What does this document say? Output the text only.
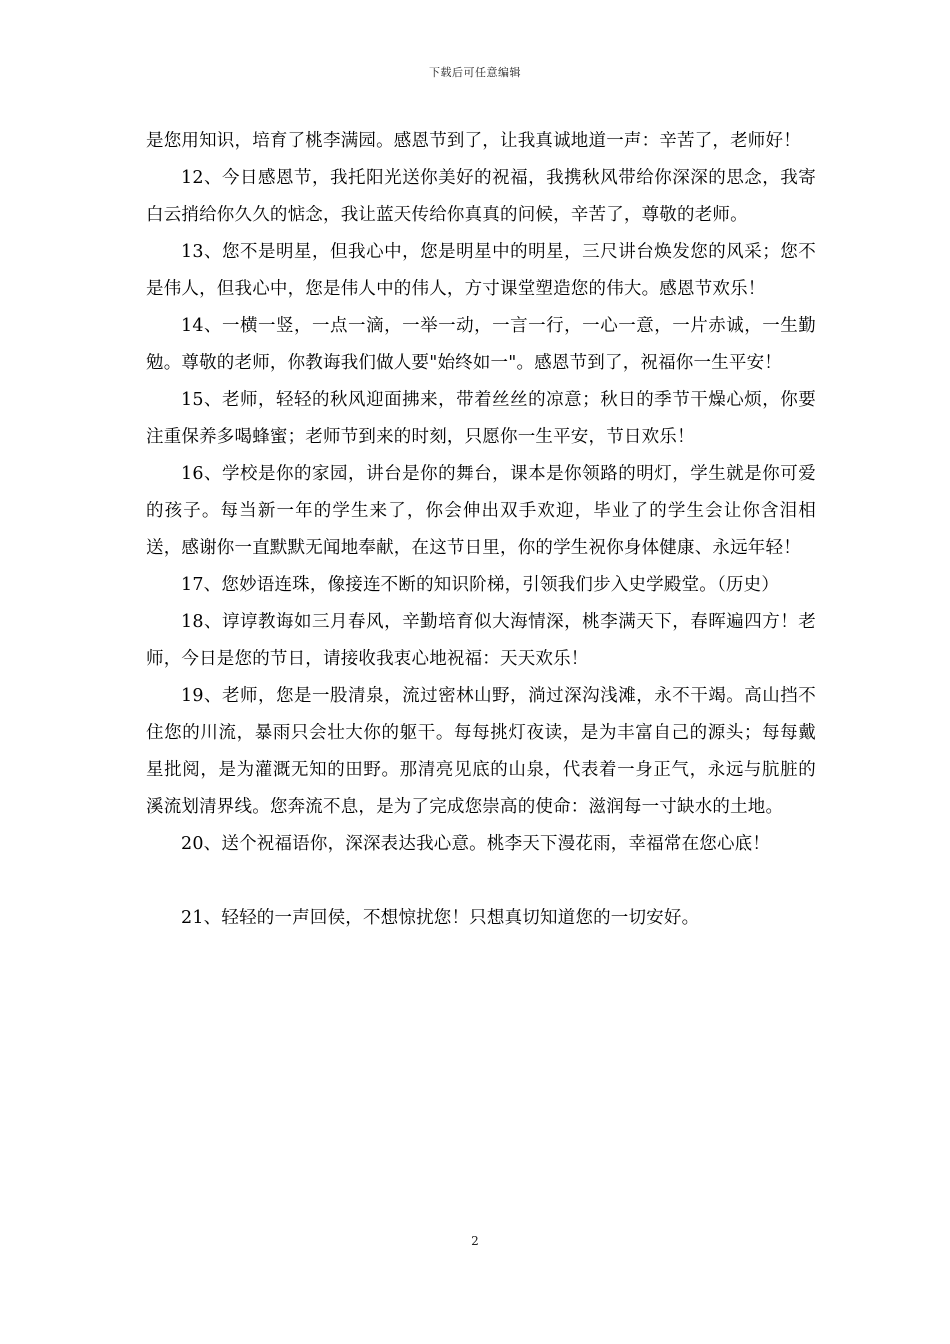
下载后可任意编辑

是您用知识，培育了桃李满园。感恩节到了，让我真诚地道一声：辛苦了，老师好！

12、今日感恩节，我托阳光送你美好的祝福，我携秋风带给你深深的思念，我寄白云捎给你久久的惦念，我让蓝天传给你真真的问候，辛苦了，尊敬的老师。

13、您不是明星，但我心中，您是明星中的明星，三尺讲台焕发您的风采；您不是伟人，但我心中，您是伟人中的伟人，方寸课堂塑造您的伟大。感恩节欢乐！

14、一横一竖，一点一滴，一举一动，一言一行，一心一意，一片赤诚，一生勤勉。尊敬的老师，你教诲我们做人要"始终如一"。感恩节到了，祝福你一生平安！

15、老师，轻轻的秋风迎面拂来，带着丝丝的凉意；秋日的季节干燥心烦，你要注重保养多喝蜂蜜；老师节到来的时刻，只愿你一生平安，节日欢乐！

16、学校是你的家园，讲台是你的舞台，课本是你领路的明灯，学生就是你可爱的孩子。每当新一年的学生来了，你会伸出双手欢迎，毕业了的学生会让你含泪相送，感谢你一直默默无闻地奉献，在这节日里，你的学生祝你身体健康、永远年轻！

17、您妙语连珠，像接连不断的知识阶梯，引领我们步入史学殿堂。（历史）

18、谆谆教诲如三月春风，辛勤培育似大海情深，桃李满天下，春晖遍四方！老师，今日是您的节日，请接收我衷心地祝福：天天欢乐！

19、老师，您是一股清泉，流过密林山野，淌过深沟浅滩，永不干竭。高山挡不住您的川流，暴雨只会壮大你的躯干。每每挑灯夜读，是为丰富自己的源头；每每戴星批阅，是为灌溉无知的田野。那清亮见底的山泉，代表着一身正气，永远与肮脏的溪流划清界线。您奔流不息，是为了完成您崇高的使命：滋润每一寸缺水的土地。

20、送个祝福语你，深深表达我心意。桃李天下漫花雨，幸福常在您心底！

21、轻轻的一声回侯，不想惊扰您！只想真切知道您的一切安好。

2
